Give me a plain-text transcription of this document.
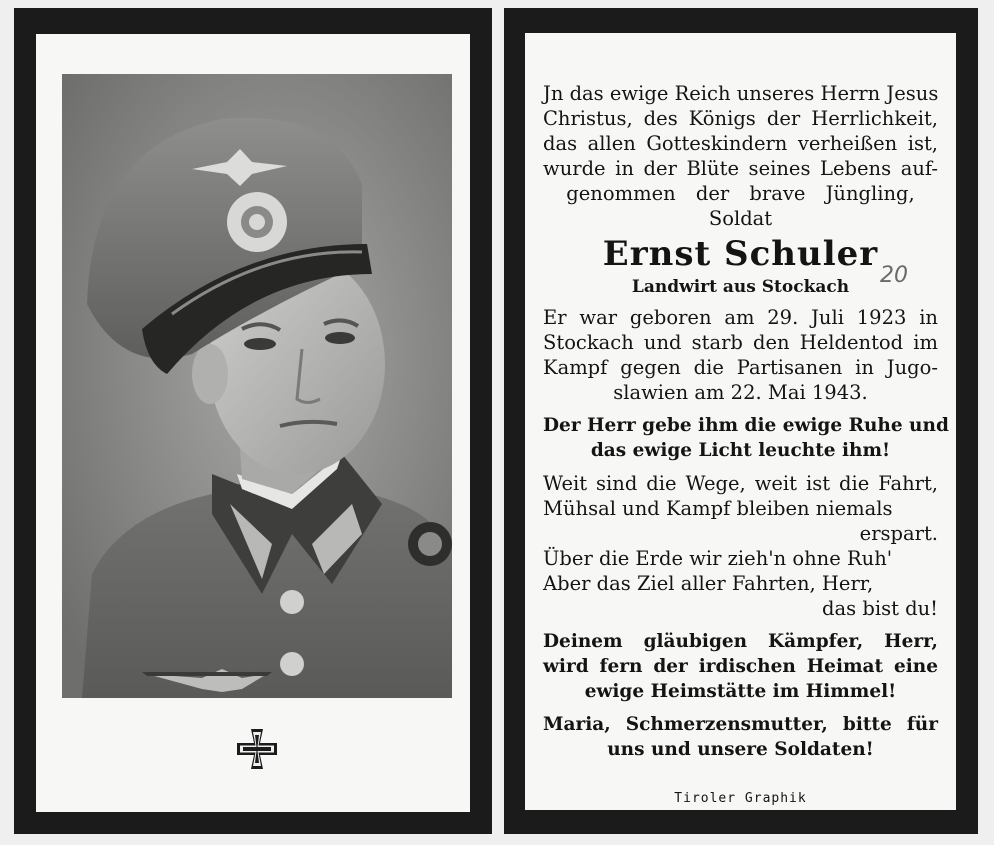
Jn das ewige Reich unseres Herrn Jesus
Christus, des Königs der Herrlichkeit,
das allen Gotteskindern verheißen ist,
wurde in der Blüte seines Lebens auf-
genommen der brave Jüngling,
Soldat
Ernst Schuler
Landwirt aus Stockach
Er war geboren am 29. Juli 1923 in
Stockach und starb den Heldentod im
Kampf gegen die Partisanen in Jugo-
slawien am 22. Mai 1943.
Der Herr gebe ihm die ewige Ruhe und
das ewige Licht leuchte ihm!
Weit sind die Wege, weit ist die Fahrt,
Mühsal und Kampf bleiben niemals
erspart.
Über die Erde wir zieh'n ohne Ruh'
Aber das Ziel aller Fahrten, Herr,
das bist du!
Deinem gläubigen Kämpfer, Herr,
wird fern der irdischen Heimat eine
ewige Heimstätte im Himmel!
Maria, Schmerzensmutter, bitte für
uns und unsere Soldaten!
20
Tiroler Graphik
